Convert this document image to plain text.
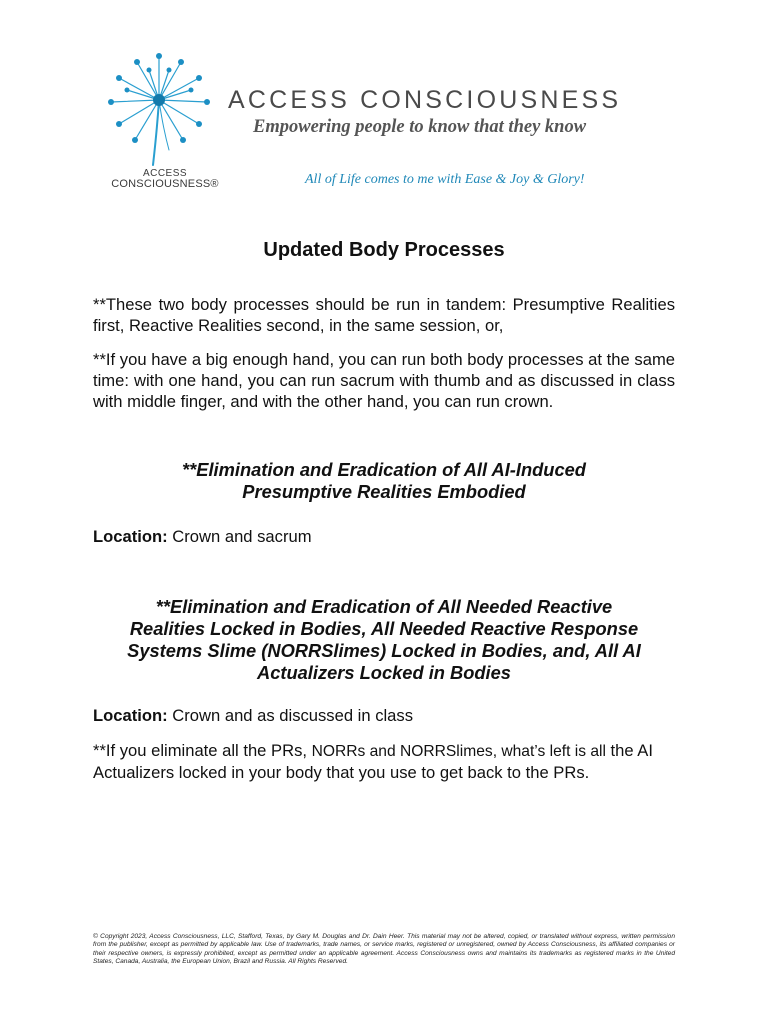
ACCESS
CONSCIOUSNESS®
ACCESS CONSCIOUSNESS
Empowering people to know that they know
All of Life comes to me with Ease & Joy & Glory!
Updated Body Processes

**These two body processes should be run in tandem: Presumptive Realities first, Reactive Realities second, in the same session, or,

**If you have a big enough hand, you can run both body processes at the same time: with one hand, you can run sacrum with thumb and as discussed in class with middle finger, and with the other hand, you can run crown.

**Elimination and Eradication of All AI-Induced
Presumptive Realities Embodied

Location: Crown and sacrum

**Elimination and Eradication of All Needed Reactive
Realities Locked in Bodies, All Needed Reactive Response
Systems Slime (NORRSlimes) Locked in Bodies, and, All AI
Actualizers Locked in Bodies

Location: Crown and as discussed in class

**If you eliminate all the PRs, NORRs and NORRSlimes, what’s left is all the AI Actualizers locked in your body that you use to get back to the PRs.

© Copyright 2023, Access Consciousness, LLC, Stafford, Texas, by Gary M. Douglas and Dr. Dain Heer. This material may not be altered, copied, or translated without express, written permission from the publisher, except as permitted by applicable law. Use of trademarks, trade names, or service marks, registered or unregistered, owned by Access Consciousness, its affiliated companies or their respective owners, is expressly prohibited, except as permitted under an applicable agreement. Access Consciousness owns and maintains its trademarks as registered marks in the United States, Canada, Australia, the European Union, Brazil and Russia. All Rights Reserved.
